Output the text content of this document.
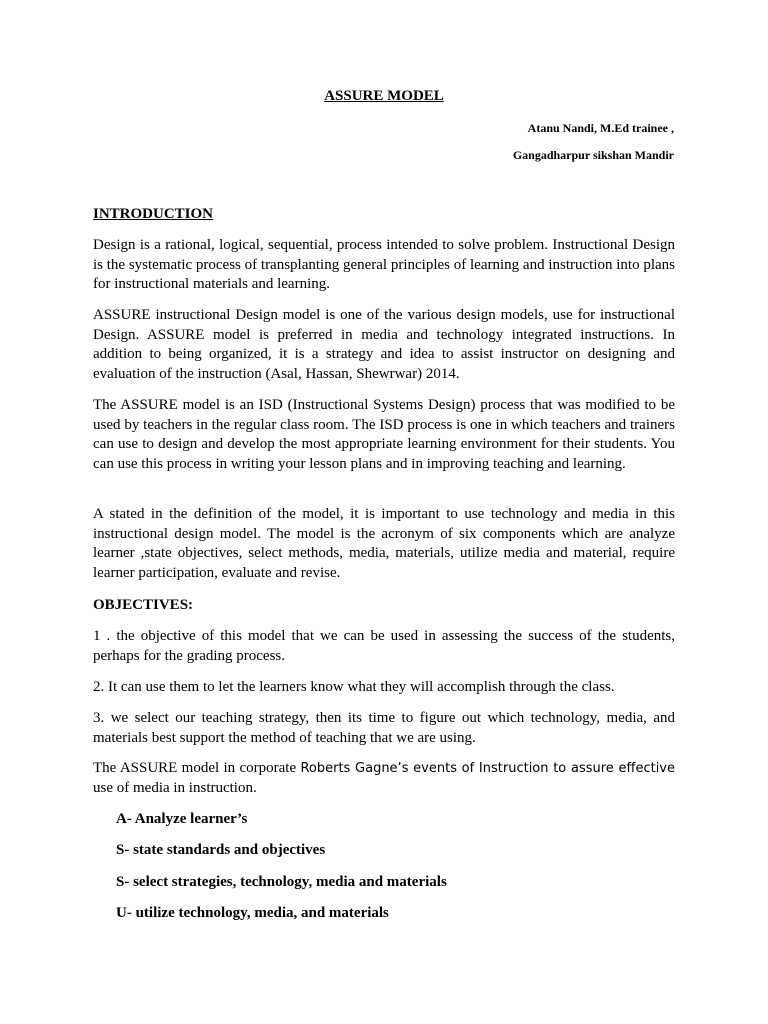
ASSURE MODEL
Atanu Nandi, M.Ed trainee ,
Gangadharpur sikshan Mandir
INTRODUCTION
Design is a rational, logical, sequential, process intended to solve problem. Instructional Design is the systematic process of transplanting general principles of learning and instruction into plans for instructional materials and learning.
ASSURE instructional Design model is one of the various design models, use for instructional Design. ASSURE model is preferred in media and technology integrated instructions. In addition to being organized, it is a strategy and idea to assist instructor on designing and evaluation of the instruction (Asal, Hassan, Shewrwar) 2014.
The ASSURE model is an ISD (Instructional Systems Design) process that was modified to be used by teachers in the regular class room. The ISD process is one in which teachers and trainers can use to design and develop the most appropriate learning environment for their students. You can use this process in writing your lesson plans and in improving teaching and learning.
A stated in the definition of the model, it is important to use technology and media in this instructional design model. The model is the acronym of six components which are analyze learner ,state objectives, select methods, media, materials, utilize media and material, require learner participation, evaluate and revise.
OBJECTIVES:
1 . the objective of this model that we can be used in assessing the success of the students, perhaps for the grading process.
2. It can use them to let the learners know what they will accomplish through the class.
3. we select our teaching strategy, then its time to figure out which technology, media, and materials best support the method of teaching that we are using.
The ASSURE model in corporate Roberts Gagne’s events of Instruction to assure effective use of media in instruction.
A- Analyze learner’s
S- state standards and objectives
S- select strategies, technology, media and materials
U- utilize technology, media, and materials
